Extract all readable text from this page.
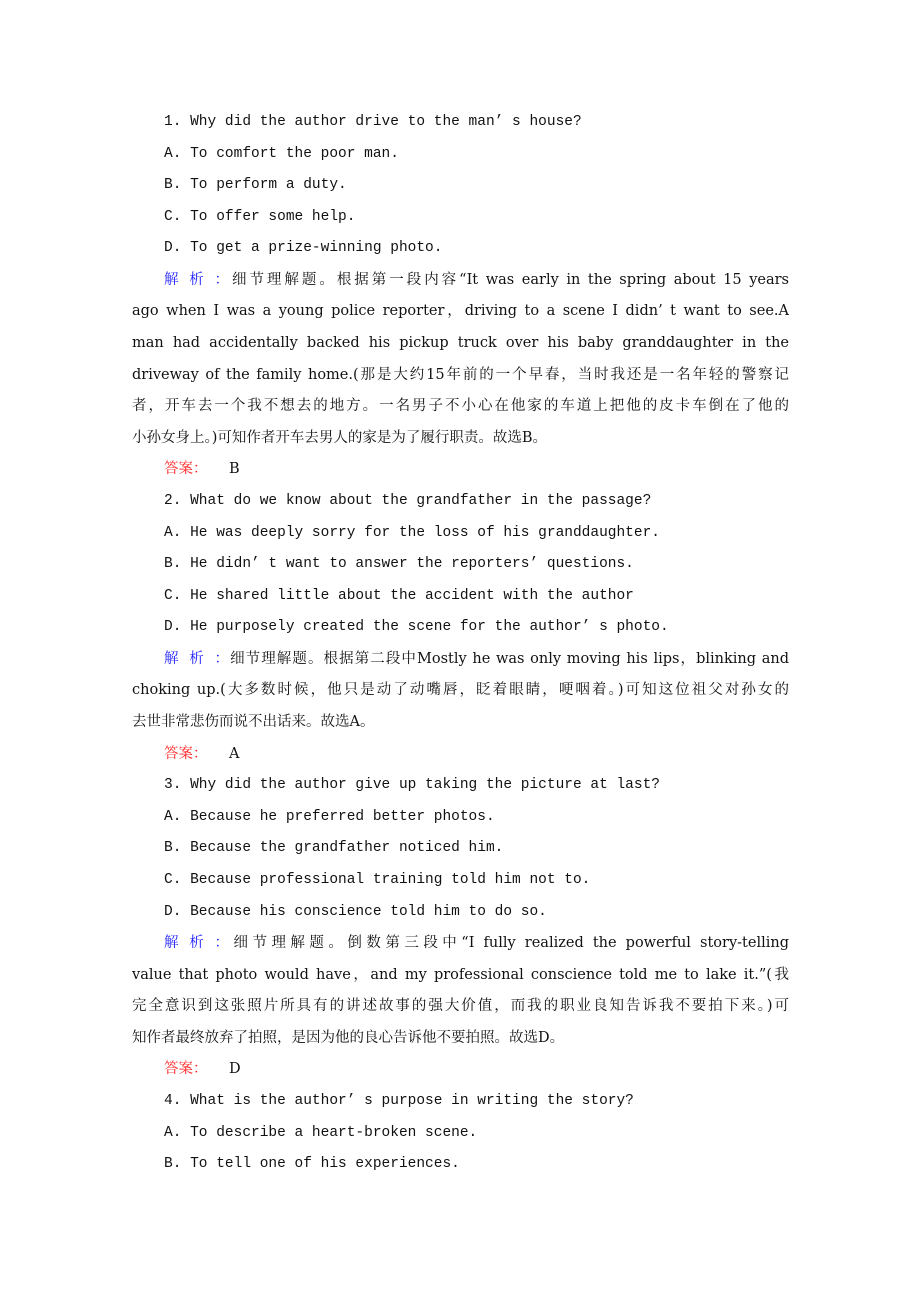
1. Why did the author drive to the man’ s house?
A. To comfort the poor man.
B. To perform a duty.
C. To offer some help.
D. To get a prize-winning photo.
解析：细节理解题。根据第一段内容“It was early in the spring about 15 years
ago when I was a young police reporter，driving to a scene I didn’ t want to see.A
man had accidentally backed his pickup truck over his baby granddaughter in the
driveway of the family home.(那是大约15年前的一个早春，当时我还是一名年轻的警察记
者，开车去一个我不想去的地方。一名男子不小心在他家的车道上把他的皮卡车倒在了他的
小孙女身上。)可知作者开车去男人的家是为了履行职责。故选B。
答案： B
2. What do we know about the grandfather in the passage?
A. He was deeply sorry for the loss of his granddaughter.
B. He didn’ t want to answer the reporters’ questions.
C. He shared little about the accident with the author
D. He purposely created the scene for the author’ s photo.
解析：细节理解题。根据第二段中Mostly he was only moving his lips，blinking and
choking up.(大多数时候，他只是动了动嘴唇，眨着眼睛，哽咽着。)可知这位祖父对孙女的
去世非常悲伤而说不出话来。故选A。
答案： A
3. Why did the author give up taking the picture at last?
A. Because he preferred better photos.
B. Because the grandfather noticed him.
C. Because professional training told him not to.
D. Because his conscience told him to do so.
解析：细节理解题。倒数第三段中“I fully realized the powerful story-telling
value that photo would have，and my professional conscience told me to lake it.”(我
完全意识到这张照片所具有的讲述故事的强大价值，而我的职业良知告诉我不要拍下来。)可
知作者最终放弃了拍照，是因为他的良心告诉他不要拍照。故选D。
答案： D
4. What is the author’ s purpose in writing the story?
A. To describe a heart-broken scene.
B. To tell one of his experiences.
